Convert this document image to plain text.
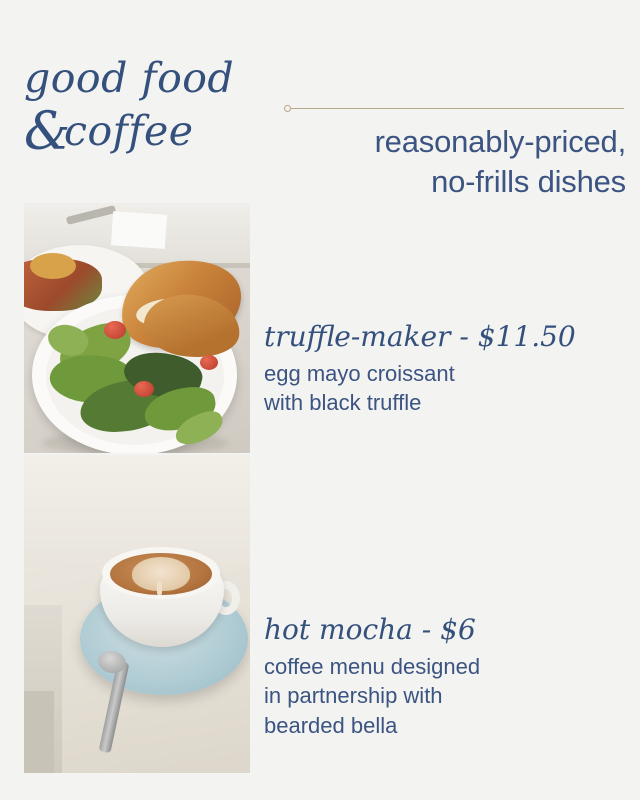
good food
coffee
&	reasonably-priced,
no-frills dishes
truffle-maker - $11.50
egg mayo croissant
with black truffle
hot mocha - $6
coffee menu designed
in partnership with
bearded bella
